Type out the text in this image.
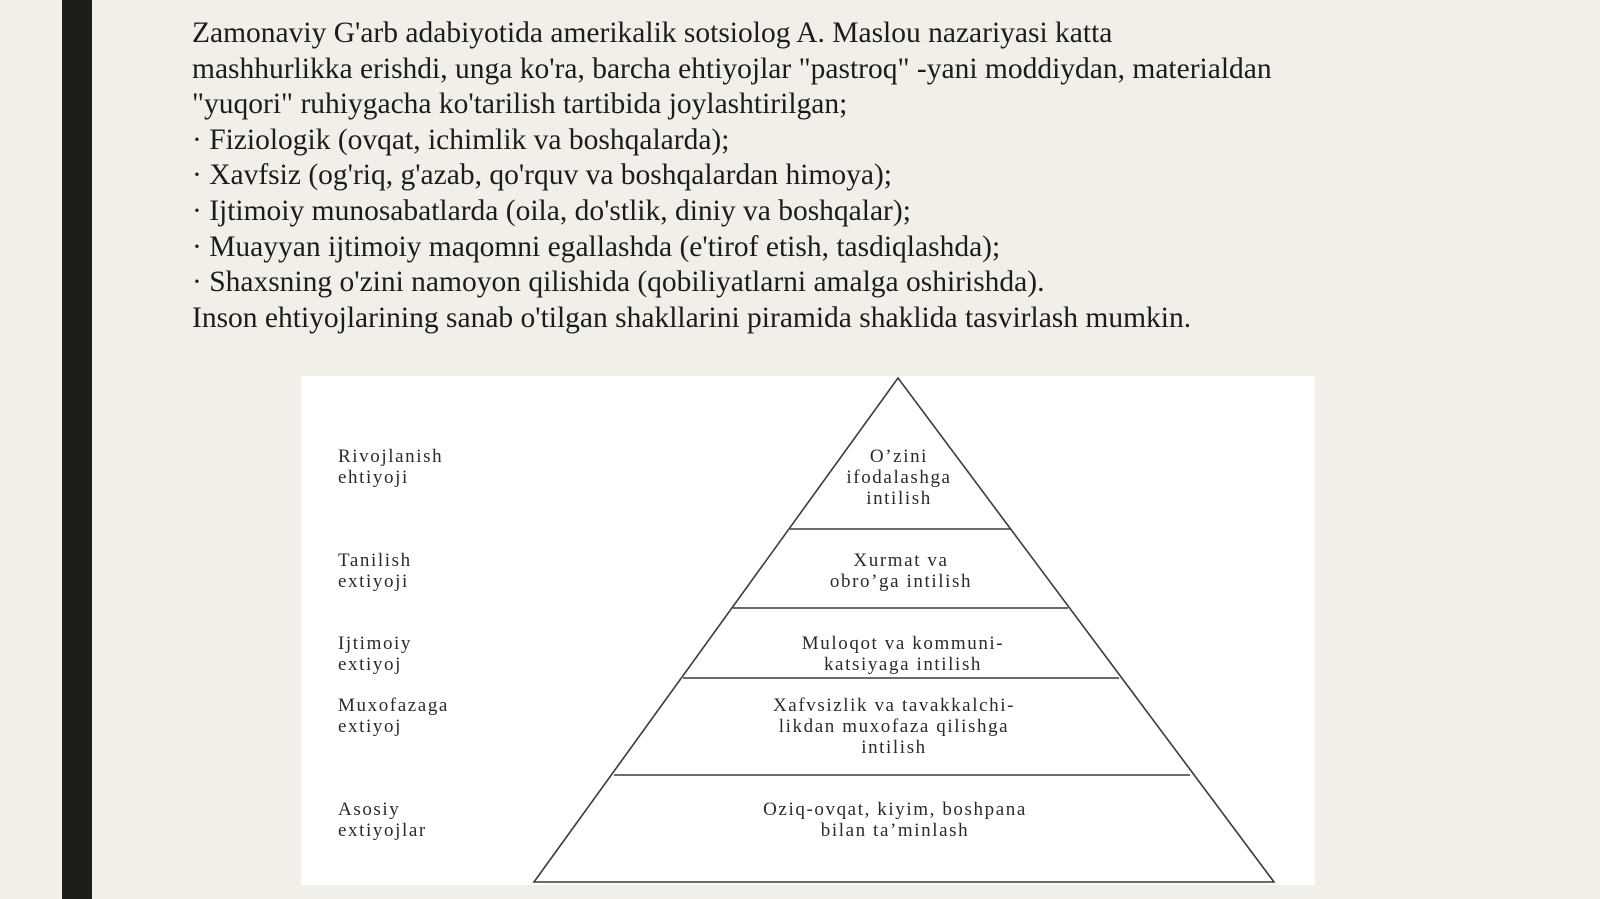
Zamonaviy G'arb adabiyotida amerikalik sotsiolog A. Maslou nazariyasi katta
mashhurlikka erishdi, unga ko'ra, barcha ehtiyojlar "pastroq" -yani moddiydan, materialdan
"yuqori" ruhiygacha ko'tarilish tartibida joylashtirilgan;
· Fiziologik (ovqat, ichimlik va boshqalarda);
· Xavfsiz (og'riq, g'azab, qo'rquv va boshqalardan himoya);
· Ijtimoiy munosabatlarda (oila, do'stlik, diniy va boshqalar);
· Muayyan ijtimoiy maqomni egallashda (e'tirof etish, tasdiqlashda);
· Shaxsning o'zini namoyon qilishida (qobiliyatlarni amalga oshirishda).
Inson ehtiyojlarining sanab o'tilgan shakllarini piramida shaklida tasvirlash mumkin.
Rivojlanish
ehtiyoji
O’zini
ifodalashga
intilish
Tanilish
extiyoji
Xurmat va
obro’ga intilish
Ijtimoiy
extiyoj
Muloqot va kommuni-
katsiyaga intilish
Muxofazaga
extiyoj
Xafvsizlik va tavakkalchi-
likdan muxofaza qilishga
intilish
Asosiy
extiyojlar
Oziq-ovqat, kiyim, boshpana
bilan ta’minlash
